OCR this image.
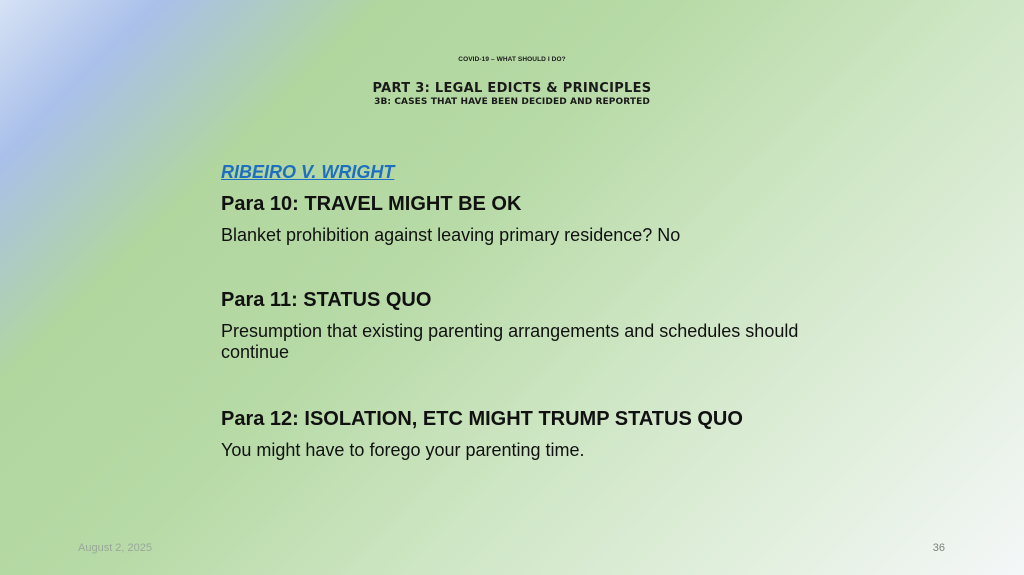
COVID-19 – WHAT SHOULD I DO?
PART 3: LEGAL EDICTS & PRINCIPLES
3B: CASES THAT HAVE BEEN DECIDED AND REPORTED
RIBEIRO V. WRIGHT
Para 10: TRAVEL MIGHT BE OK
Blanket prohibition against leaving primary residence? No
Para 11: STATUS QUO
Presumption that existing parenting arrangements and schedules should continue
Para 12: ISOLATION, ETC MIGHT TRUMP STATUS QUO
You might have to forego your parenting time.
August 2, 2025	36
